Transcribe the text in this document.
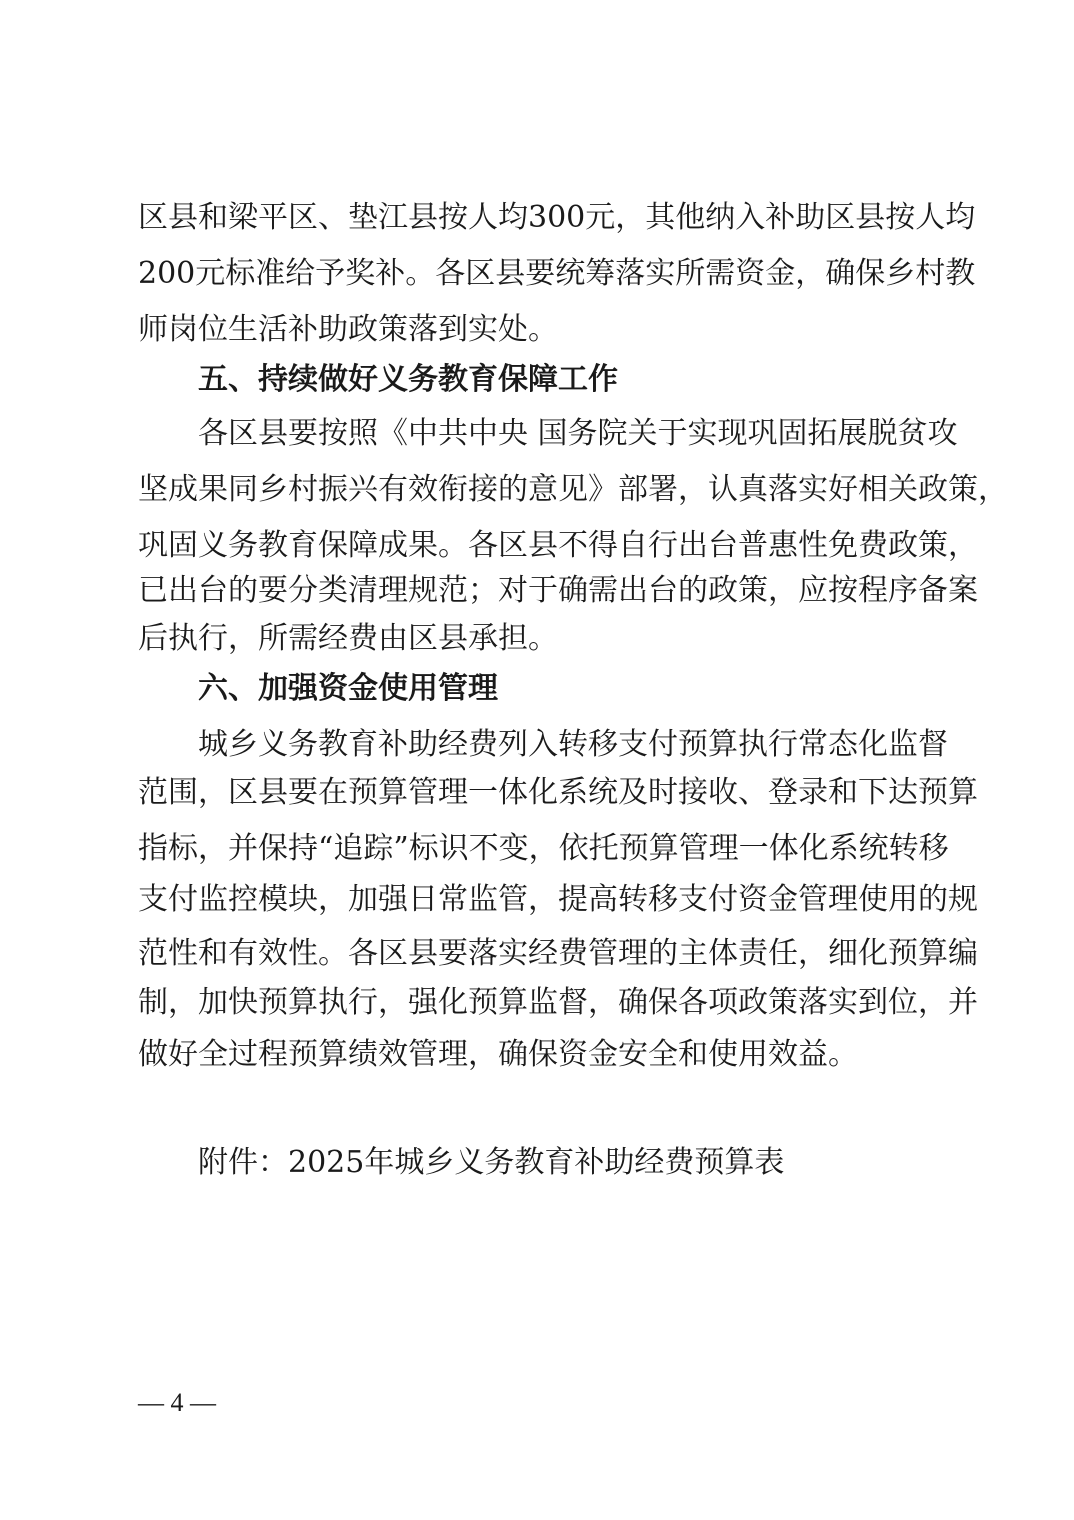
区县和梁平区、垫江县按人均300元，其他纳入补助区县按人均
200元标准给予奖补。各区县要统筹落实所需资金，确保乡村教
师岗位生活补助政策落到实处。
五、持续做好义务教育保障工作
各区县要按照《中共中央 国务院关于实现巩固拓展脱贫攻
坚成果同乡村振兴有效衔接的意见》部署，认真落实好相关政策，
巩固义务教育保障成果。各区县不得自行出台普惠性免费政策，
已出台的要分类清理规范；对于确需出台的政策，应按程序备案
后执行，所需经费由区县承担。
六、加强资金使用管理
城乡义务教育补助经费列入转移支付预算执行常态化监督
范围，区县要在预算管理一体化系统及时接收、登录和下达预算
指标，并保持“追踪”标识不变，依托预算管理一体化系统转移
支付监控模块，加强日常监管，提高转移支付资金管理使用的规
范性和有效性。各区县要落实经费管理的主体责任，细化预算编
制，加快预算执行，强化预算监督，确保各项政策落实到位，并
做好全过程预算绩效管理，确保资金安全和使用效益。
附件：2025年城乡义务教育补助经费预算表
— 4 —
